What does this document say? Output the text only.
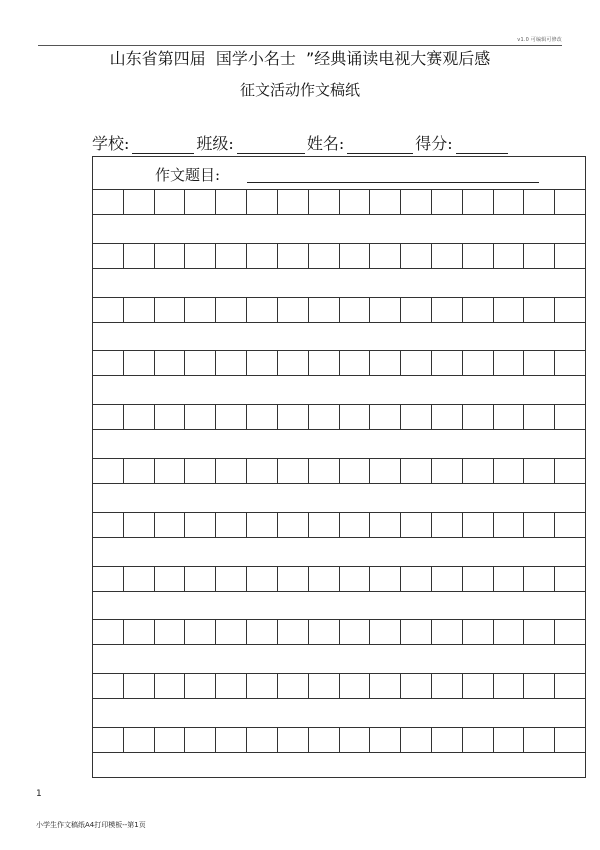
v1.0 可编辑可修改
山东省第四届  国学小名士  ”经典诵读电视大赛观后感
征文活动作文稿纸
学校:	班级:	姓名:	得分:
作文题目:
1
小学生作文稿纸A4打印模板--第1页
